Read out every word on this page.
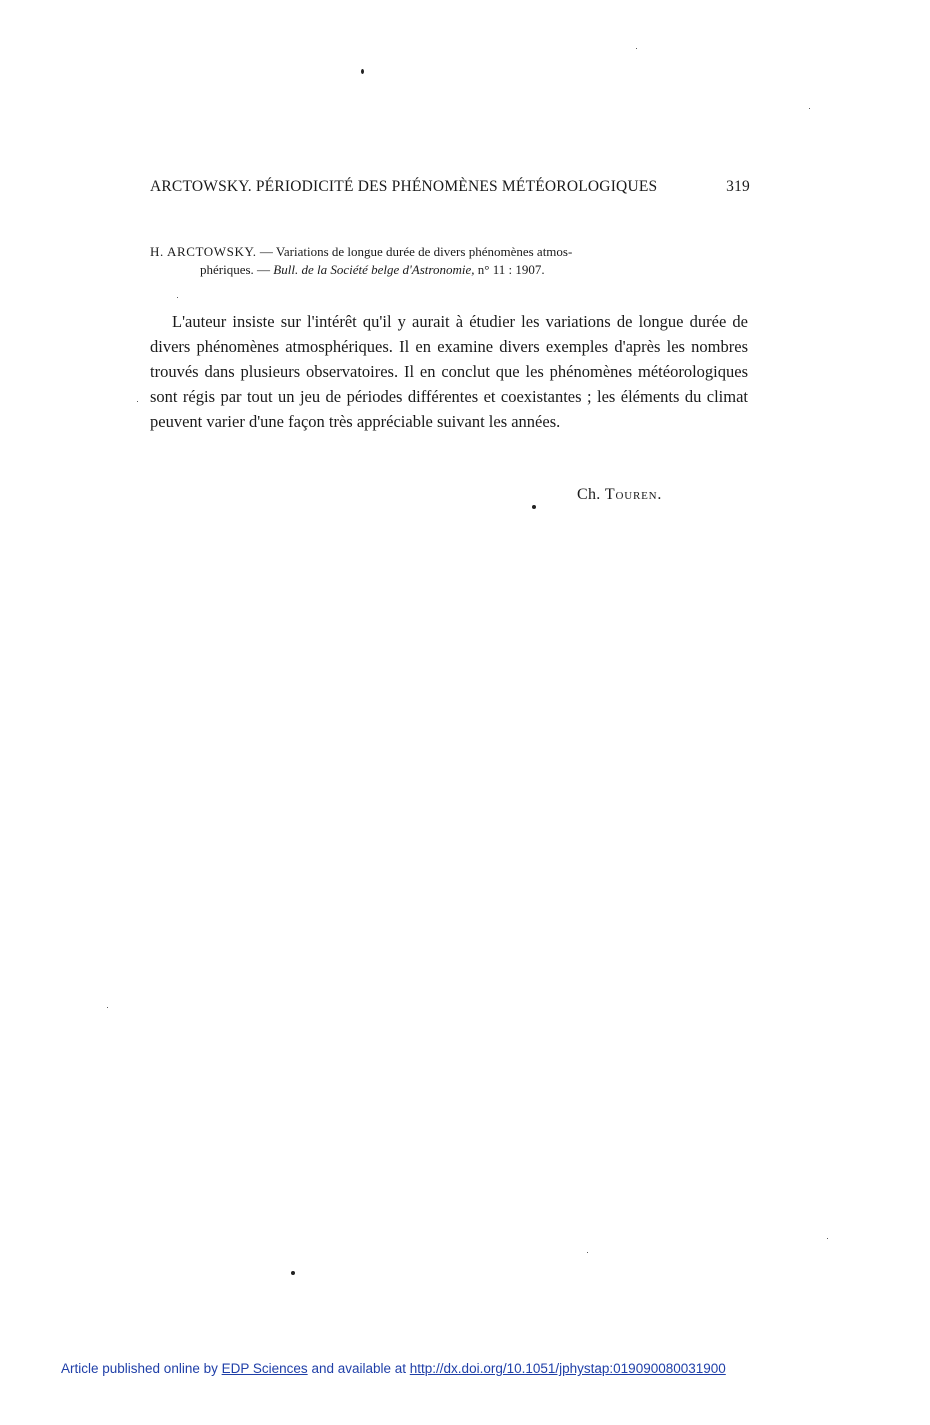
ARCTOWSKY. PÉRIODICITÉ DES PHÉNOMÈNES MÉTÉOROLOGIQUES	319
H. ARCTOWSKY. — Variations de longue durée de divers phénomènes atmos-
phériques. — Bull. de la Société belge d'Astronomie, n° 11 : 1907.

L'auteur insiste sur l'intérêt qu'il y aurait à étudier les variations de longue durée de divers phénomènes atmosphériques. Il en examine divers exemples d'après les nombres trouvés dans plusieurs observatoires. Il en conclut que les phénomènes météorologiques sont régis par tout un jeu de périodes différentes et coexistantes ; les éléments du climat peuvent varier d'une façon très appréciable suivant les années.

Ch. Touren.
Article published online by EDP Sciences and available at http://dx.doi.org/10.1051/jphystap:019090080031900
